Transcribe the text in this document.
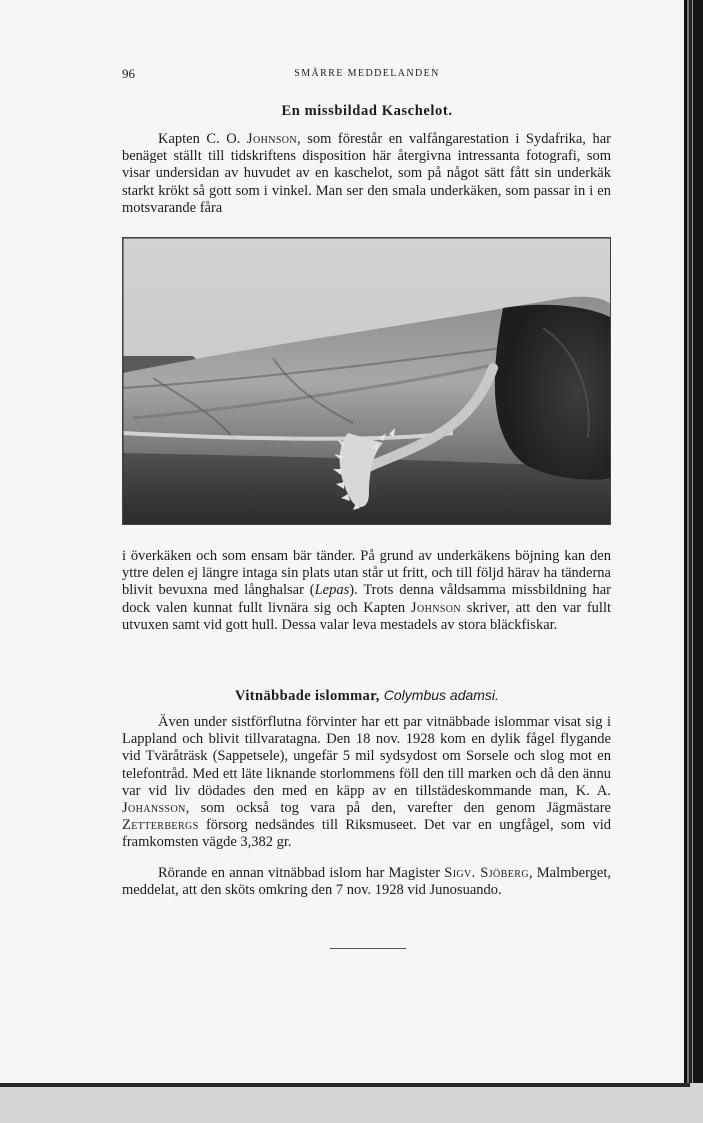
96	SMÄRRE MEDDELANDEN
En missbildad Kaschelot.
Kapten C. O. Johnson, som förestår en valfångarestation i Sydafrika, har benäget ställt till tidskriftens disposition här återgivna intressanta fotografi, som visar undersidan av huvudet av en kaschelot, som på något sätt fått sin underkäk starkt krökt så gott som i vinkel. Man ser den smala underkäken, som passar in i en motsvarande fåra
i överkäken och som ensam bär tänder. På grund av underkäkens böjning kan den yttre delen ej längre intaga sin plats utan står ut fritt, och till följd härav ha tänderna blivit bevuxna med långhalsar (Lepas). Trots denna våldsamma missbildning har dock valen kunnat fullt livnära sig och Kapten Johnson skriver, att den var fullt utvuxen samt vid gott hull. Dessa valar leva mestadels av stora bläckfiskar.
Vitnäbbade islommar, Colymbus adamsi.
Även under sistförflutna förvinter har ett par vitnäbbade islommar visat sig i Lappland och blivit tillvaratagna. Den 18 nov. 1928 kom en dylik fågel flygande vid Tväråträsk (Sappetsele), ungefär 5 mil sydsydost om Sorsele och slog mot en telefontråd. Med ett läte liknande storlommens föll den till marken och då den ännu var vid liv dödades den med en käpp av en tillstädeskommande man, K. A. Johansson, som också tog vara på den, varefter den genom Jägmästare Zetterbergs försorg nedsändes till Riksmuseet. Det var en ungfågel, som vid framkomsten vägde 3,382 gr.
Rörande en annan vitnäbbad islom har Magister Sigv. Sjöberg, Malmberget, meddelat, att den sköts omkring den 7 nov. 1928 vid Junosuando.
